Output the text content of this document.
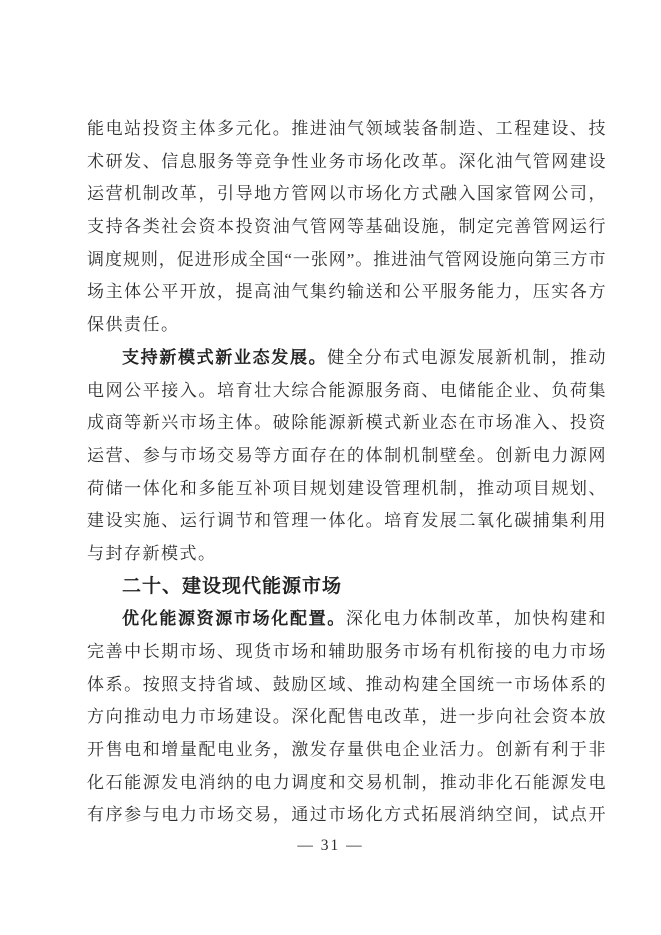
能电站投资主体多元化。推进油气领域装备制造、工程建设、技
术研发、信息服务等竞争性业务市场化改革。深化油气管网建设
运营机制改革，引导地方管网以市场化方式融入国家管网公司，
支持各类社会资本投资油气管网等基础设施，制定完善管网运行
调度规则，促进形成全国“一张网”。推进油气管网设施向第三方市
场主体公平开放，提高油气集约输送和公平服务能力，压实各方
保供责任。
支持新模式新业态发展。健全分布式电源发展新机制，推动
电网公平接入。培育壮大综合能源服务商、电储能企业、负荷集
成商等新兴市场主体。破除能源新模式新业态在市场准入、投资
运营、参与市场交易等方面存在的体制机制壁垒。创新电力源网
荷储一体化和多能互补项目规划建设管理机制，推动项目规划、
建设实施、运行调节和管理一体化。培育发展二氧化碳捕集利用
与封存新模式。
二十、建设现代能源市场
优化能源资源市场化配置。深化电力体制改革，加快构建和
完善中长期市场、现货市场和辅助服务市场有机衔接的电力市场
体系。按照支持省域、鼓励区域、推动构建全国统一市场体系的
方向推动电力市场建设。深化配售电改革，进一步向社会资本放
开售电和增量配电业务，激发存量供电企业活力。创新有利于非
化石能源发电消纳的电力调度和交易机制，推动非化石能源发电
有序参与电力市场交易，通过市场化方式拓展消纳空间，试点开
— 31 —
